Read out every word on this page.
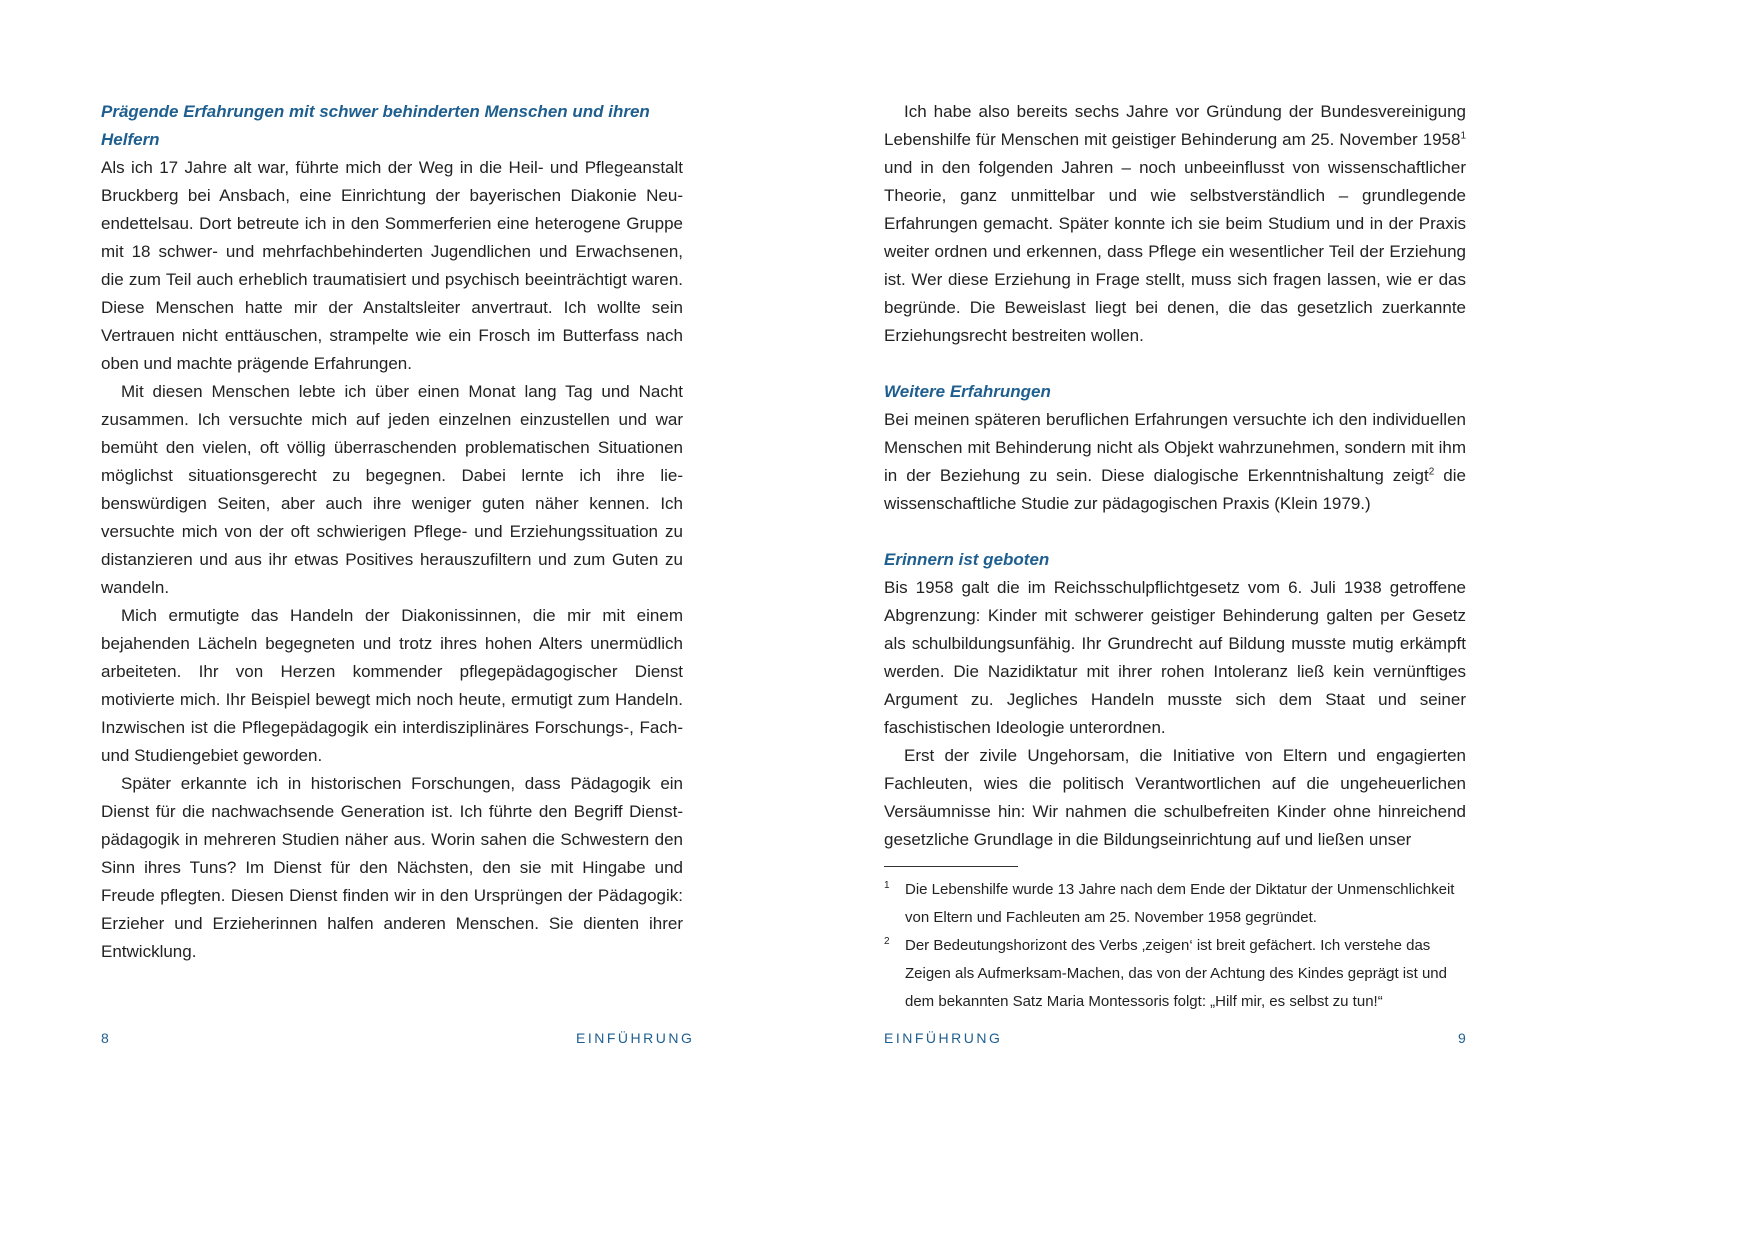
Prägende Erfahrungen mit schwer behinderten Menschen und ihren Helfern

Als ich 17 Jahre alt war, führte mich der Weg in die Heil- und Pflegeanstalt Bruckberg bei Ansbach, eine Einrichtung der bayerischen Diakonie Neuendettelsau. Dort betreute ich in den Sommerferien eine heterogene Gruppe mit 18 schwer- und mehrfachbehinderten Jugendlichen und Erwachsenen, die zum Teil auch erheblich traumatisiert und psychisch beeinträchtigt waren. Diese Menschen hatte mir der Anstaltsleiter anvertraut. Ich wollte sein Vertrauen nicht enttäuschen, strampelte wie ein Frosch im Butterfass nach oben und machte prägende Erfahrungen.

Mit diesen Menschen lebte ich über einen Monat lang Tag und Nacht zusammen. Ich versuchte mich auf jeden einzelnen einzustellen und war bemüht den vielen, oft völlig überraschenden problematischen Situationen möglichst situationsgerecht zu begegnen. Dabei lernte ich ihre liebenswürdigen Seiten, aber auch ihre weniger guten näher kennen. Ich versuchte mich von der oft schwierigen Pflege- und Erziehungssituation zu distanzieren und aus ihr etwas Positives herauszufiltern und zum Guten zu wandeln.

Mich ermutigte das Handeln der Diakonissinnen, die mir mit einem bejahenden Lächeln begegneten und trotz ihres hohen Alters unermüdlich arbeiteten. Ihr von Herzen kommender pflegepädagogischer Dienst motivierte mich. Ihr Beispiel bewegt mich noch heute, ermutigt zum Handeln. Inzwischen ist die Pflegepädagogik ein interdisziplinäres Forschungs-, Fach- und Studiengebiet geworden.

Später erkannte ich in historischen Forschungen, dass Pädagogik ein Dienst für die nachwachsende Generation ist. Ich führte den Begriff Dienstpädagogik in mehreren Studien näher aus. Worin sahen die Schwestern den Sinn ihres Tuns? Im Dienst für den Nächsten, den sie mit Hingabe und Freude pflegten. Diesen Dienst finden wir in den Ursprüngen der Pädagogik: Erzieher und Erzieherinnen halfen anderen Menschen. Sie dienten ihrer Entwicklung.

Ich habe also bereits sechs Jahre vor Gründung der Bundesvereinigung Lebenshilfe für Menschen mit geistiger Behinderung am 25. November 1958$^1$ und in den folgenden Jahren – noch unbeeinflusst von wissenschaftlicher Theorie, ganz unmittelbar und wie selbstverständlich – grundlegende Erfahrungen gemacht. Später konnte ich sie beim Studium und in der Praxis weiter ordnen und erkennen, dass Pflege ein wesentlicher Teil der Erziehung ist. Wer diese Erziehung in Frage stellt, muss sich fragen lassen, wie er das begründe. Die Beweislast liegt bei denen, die das gesetzlich zuerkannte Erziehungsrecht bestreiten wollen.

Weitere Erfahrungen

Bei meinen späteren beruflichen Erfahrungen versuchte ich den individuellen Menschen mit Behinderung nicht als Objekt wahrzunehmen, sondern mit ihm in der Beziehung zu sein. Diese dialogische Erkenntnishaltung zeigt$^2$ die wissenschaftliche Studie zur pädagogischen Praxis (Klein 1979.)

Erinnern ist geboten

Bis 1958 galt die im Reichsschulpflichtgesetz vom 6. Juli 1938 getroffene Abgrenzung: Kinder mit schwerer geistiger Behinderung galten per Gesetz als schulbildungsunfähig. Ihr Grundrecht auf Bildung musste mutig erkämpft werden. Die Nazidiktatur mit ihrer rohen Intoleranz ließ kein vernünftiges Argument zu. Jegliches Handeln musste sich dem Staat und seiner faschistischen Ideologie unterordnen.

Erst der zivile Ungehorsam, die Initiative von Eltern und engagierten Fachleuten, wies die politisch Verantwortlichen auf die ungeheuerlichen Versäumnisse hin: Wir nahmen die schulbefreiten Kinder ohne hinreichend gesetzliche Grundlage in die Bildungseinrichtung auf und ließen unser

1 Die Lebenshilfe wurde 13 Jahre nach dem Ende der Diktatur der Unmenschlichkeit von Eltern und Fachleuten am 25. November 1958 gegründet.
2 Der Bedeutungshorizont des Verbs ‚zeigen‘ ist breit gefächert. Ich verstehe das Zeigen als Aufmerksam-Machen, das von der Achtung des Kindes geprägt ist und dem bekannten Satz Maria Montessoris folgt: „Hilf mir, es selbst zu tun!“
8	EINFÜHRUNG	EINFÜHRUNG	9
